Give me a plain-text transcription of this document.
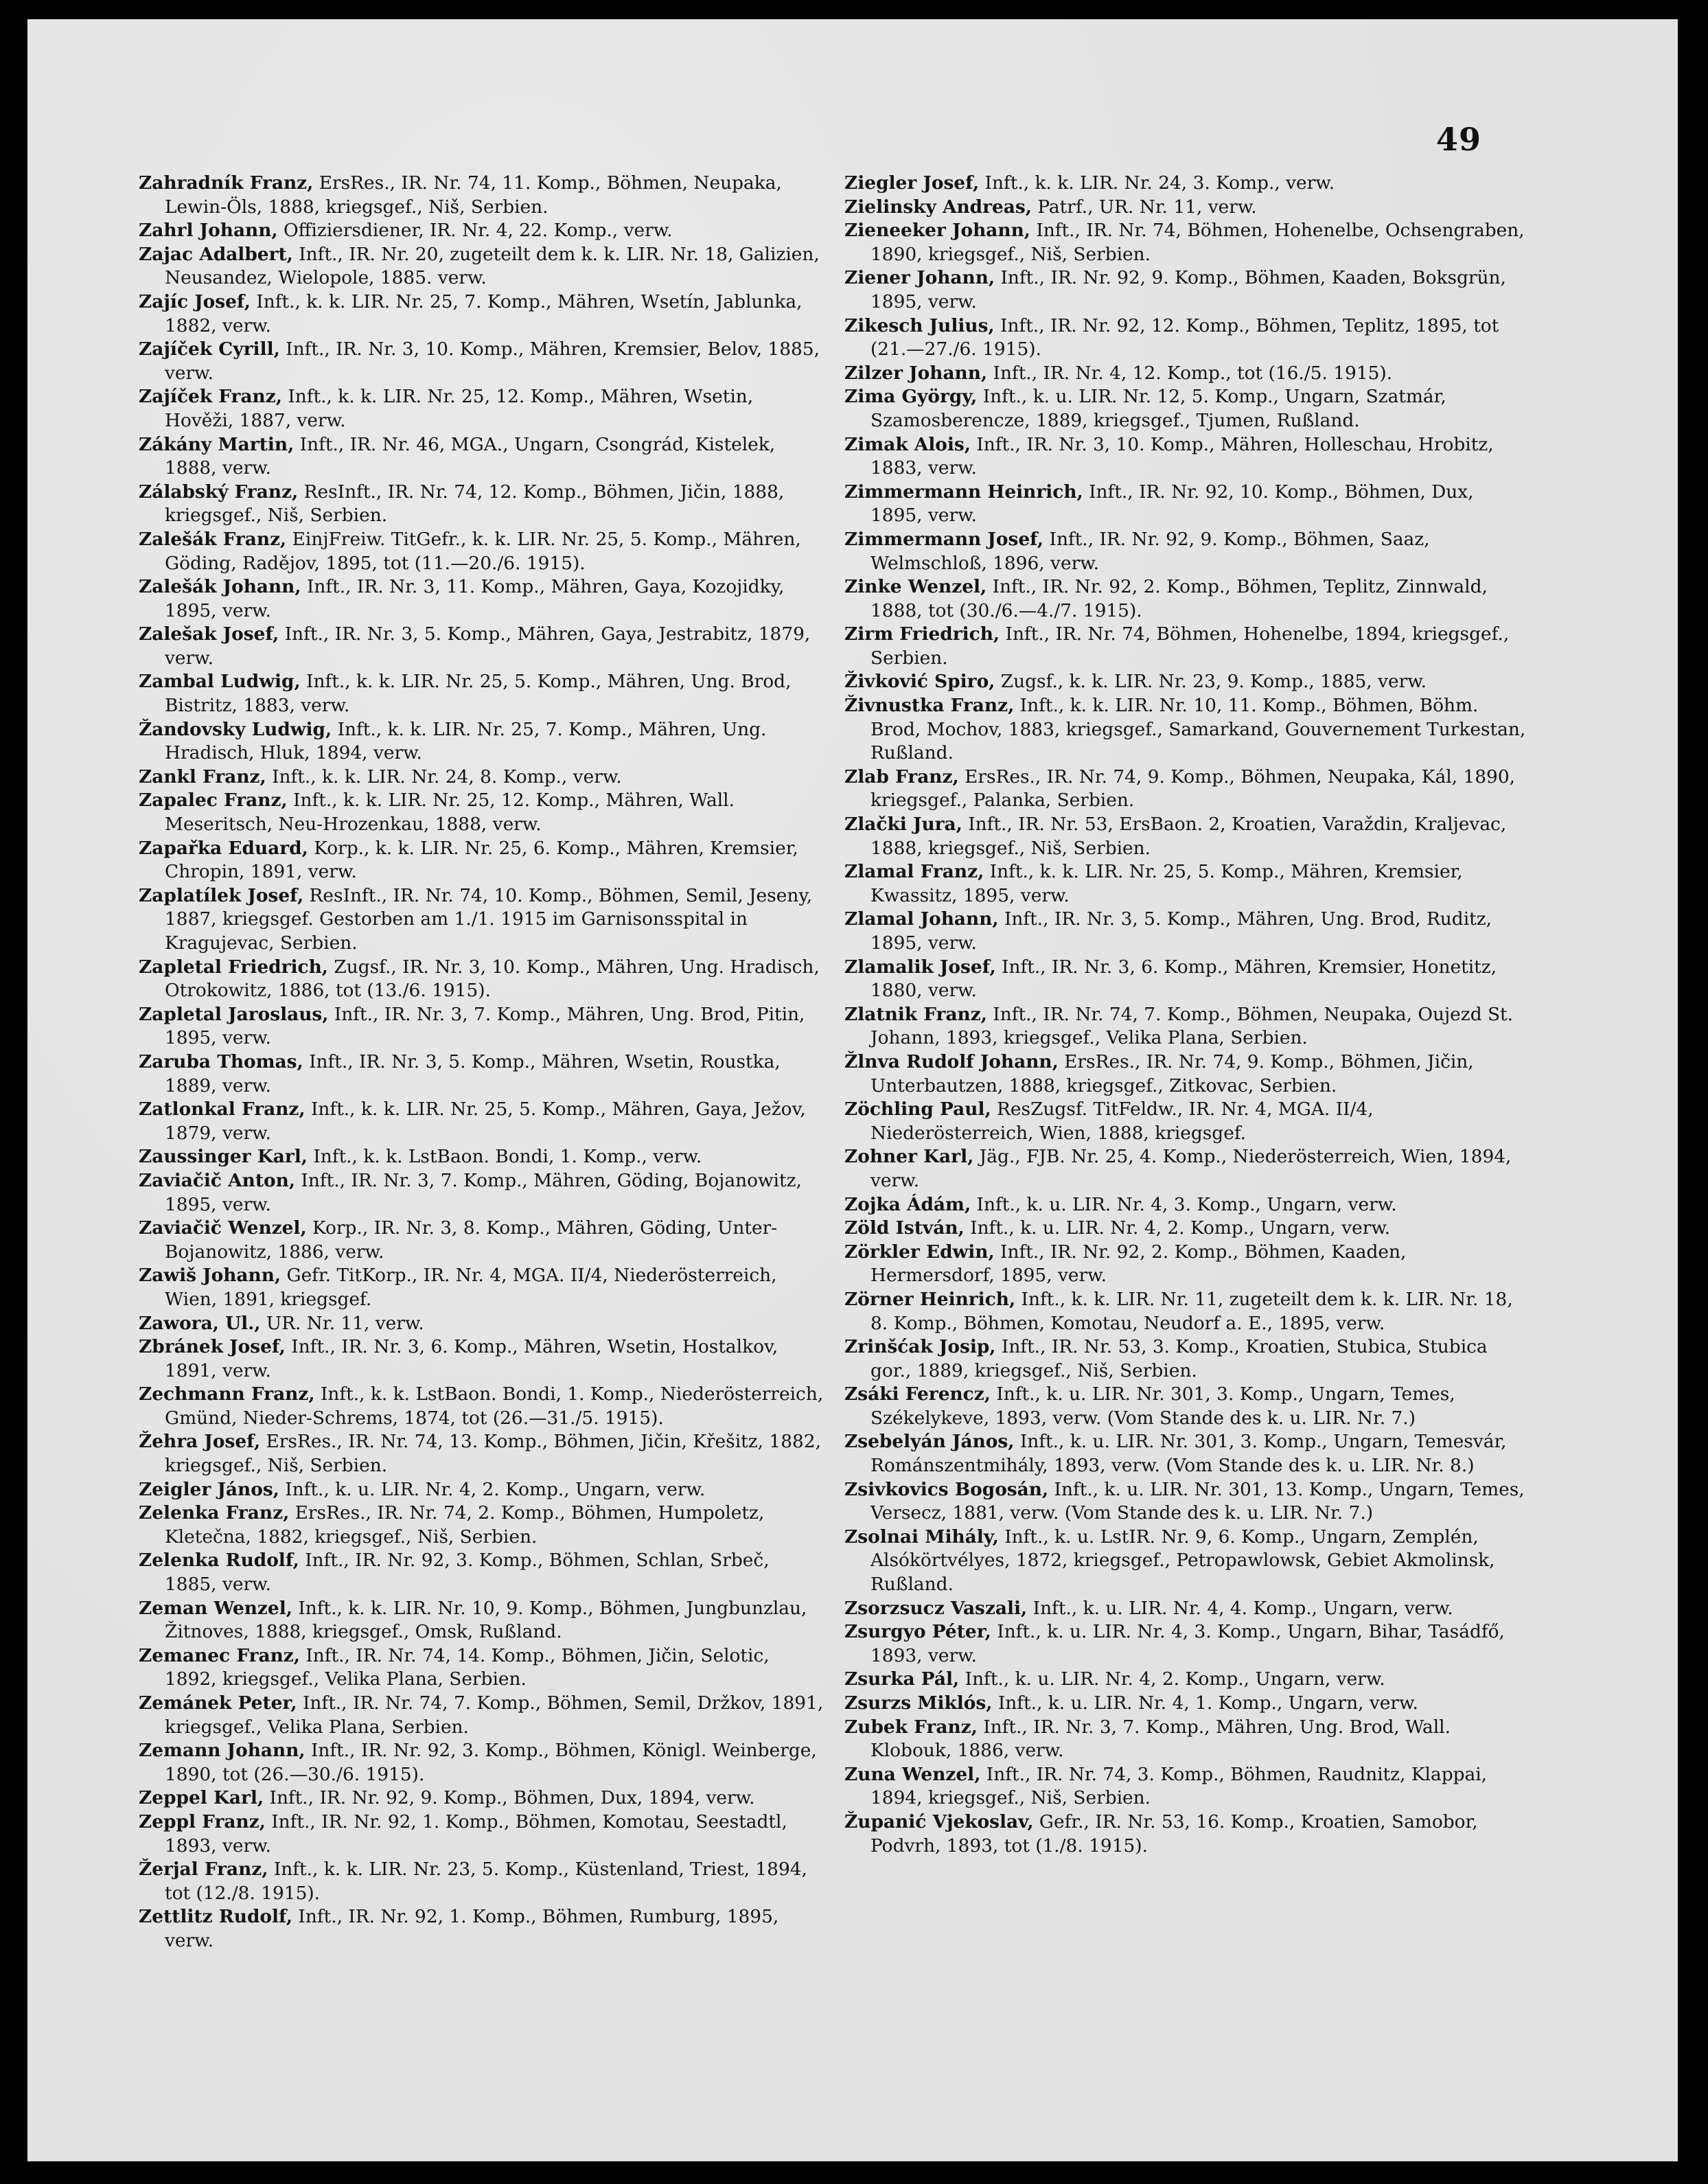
49
Zahradník Franz, ErsRes., IR. Nr. 74, 11. Komp., Böhmen, Neupaka, Lewin-Öls, 1888, kriegsgef., Niš, Serbien.
Zahrl Johann, Offiziersdiener, IR. Nr. 4, 22. Komp., verw.
Zajac Adalbert, Inft., IR. Nr. 20, zugeteilt dem k. k. LIR. Nr. 18, Galizien, Neusandez, Wielopole, 1885. verw.
Zajíc Josef, Inft., k. k. LIR. Nr. 25, 7. Komp., Mähren, Wsetín, Jablunka, 1882, verw.
Zajíček Cyrill, Inft., IR. Nr. 3, 10. Komp., Mähren, Kremsier, Belov, 1885, verw.
Zajíček Franz, Inft., k. k. LIR. Nr. 25, 12. Komp., Mähren, Wsetin, Hověži, 1887, verw.
Zákány Martin, Inft., IR. Nr. 46, MGA., Ungarn, Csongrád, Kistelek, 1888, verw.
Zálabský Franz, ResInft., IR. Nr. 74, 12. Komp., Böhmen, Jičin, 1888, kriegsgef., Niš, Serbien.
Zalešák Franz, EinjFreiw. TitGefr., k. k. LIR. Nr. 25, 5. Komp., Mähren, Göding, Radějov, 1895, tot (11.—20./6. 1915).
Zalešák Johann, Inft., IR. Nr. 3, 11. Komp., Mähren, Gaya, Kozojidky, 1895, verw.
Zalešak Josef, Inft., IR. Nr. 3, 5. Komp., Mähren, Gaya, Jestrabitz, 1879, verw.
Zambal Ludwig, Inft., k. k. LIR. Nr. 25, 5. Komp., Mähren, Ung. Brod, Bistritz, 1883, verw.
Žandovsky Ludwig, Inft., k. k. LIR. Nr. 25, 7. Komp., Mähren, Ung. Hradisch, Hluk, 1894, verw.
Zankl Franz, Inft., k. k. LIR. Nr. 24, 8. Komp., verw.
Zapalec Franz, Inft., k. k. LIR. Nr. 25, 12. Komp., Mähren, Wall. Meseritsch, Neu-Hrozenkau, 1888, verw.
Zapařka Eduard, Korp., k. k. LIR. Nr. 25, 6. Komp., Mähren, Kremsier, Chropin, 1891, verw.
Zaplatílek Josef, ResInft., IR. Nr. 74, 10. Komp., Böhmen, Semil, Jeseny, 1887, kriegsgef. Gestorben am 1./1. 1915 im Garnisonsspital in Kragujevac, Serbien.
Zapletal Friedrich, Zugsf., IR. Nr. 3, 10. Komp., Mähren, Ung. Hradisch, Otrokowitz, 1886, tot (13./6. 1915).
Zapletal Jaroslaus, Inft., IR. Nr. 3, 7. Komp., Mähren, Ung. Brod, Pitin, 1895, verw.
Zaruba Thomas, Inft., IR. Nr. 3, 5. Komp., Mähren, Wsetin, Roustka, 1889, verw.
Zatlonkal Franz, Inft., k. k. LIR. Nr. 25, 5. Komp., Mähren, Gaya, Ježov, 1879, verw.
Zaussinger Karl, Inft., k. k. LstBaon. Bondi, 1. Komp., verw.
Zaviačič Anton, Inft., IR. Nr. 3, 7. Komp., Mähren, Göding, Bojanowitz, 1895, verw.
Zaviačič Wenzel, Korp., IR. Nr. 3, 8. Komp., Mähren, Göding, Unter-Bojanowitz, 1886, verw.
Zawiš Johann, Gefr. TitKorp., IR. Nr. 4, MGA. II/4, Niederösterreich, Wien, 1891, kriegsgef.
Zawora, Ul., UR. Nr. 11, verw.
Zbránek Josef, Inft., IR. Nr. 3, 6. Komp., Mähren, Wsetin, Hostalkov, 1891, verw.
Zechmann Franz, Inft., k. k. LstBaon. Bondi, 1. Komp., Niederösterreich, Gmünd, Nieder-Schrems, 1874, tot (26.—31./5. 1915).
Žehra Josef, ErsRes., IR. Nr. 74, 13. Komp., Böhmen, Jičin, Křešitz, 1882, kriegsgef., Niš, Serbien.
Zeigler János, Inft., k. u. LIR. Nr. 4, 2. Komp., Ungarn, verw.
Zelenka Franz, ErsRes., IR. Nr. 74, 2. Komp., Böhmen, Humpoletz, Kletečna, 1882, kriegsgef., Niš, Serbien.
Zelenka Rudolf, Inft., IR. Nr. 92, 3. Komp., Böhmen, Schlan, Srbeč, 1885, verw.
Zeman Wenzel, Inft., k. k. LIR. Nr. 10, 9. Komp., Böhmen, Jungbunzlau, Žitnoves, 1888, kriegsgef., Omsk, Rußland.
Zemanec Franz, Inft., IR. Nr. 74, 14. Komp., Böhmen, Jičin, Selotic, 1892, kriegsgef., Velika Plana, Serbien.
Zemánek Peter, Inft., IR. Nr. 74, 7. Komp., Böhmen, Semil, Držkov, 1891, kriegsgef., Velika Plana, Serbien.
Zemann Johann, Inft., IR. Nr. 92, 3. Komp., Böhmen, Königl. Weinberge, 1890, tot (26.—30./6. 1915).
Zeppel Karl, Inft., IR. Nr. 92, 9. Komp., Böhmen, Dux, 1894, verw.
Zeppl Franz, Inft., IR. Nr. 92, 1. Komp., Böhmen, Komotau, Seestadtl, 1893, verw.
Žerjal Franz, Inft., k. k. LIR. Nr. 23, 5. Komp., Küstenland, Triest, 1894, tot (12./8. 1915).
Zettlitz Rudolf, Inft., IR. Nr. 92, 1. Komp., Böhmen, Rumburg, 1895, verw.
Ziegler Josef, Inft., k. k. LIR. Nr. 24, 3. Komp., verw.
Zielinsky Andreas, Patrf., UR. Nr. 11, verw.
Zieneeker Johann, Inft., IR. Nr. 74, Böhmen, Hohenelbe, Ochsengraben, 1890, kriegsgef., Niš, Serbien.
Ziener Johann, Inft., IR. Nr. 92, 9. Komp., Böhmen, Kaaden, Boksgrün, 1895, verw.
Zikesch Julius, Inft., IR. Nr. 92, 12. Komp., Böhmen, Teplitz, 1895, tot (21.—27./6. 1915).
Zilzer Johann, Inft., IR. Nr. 4, 12. Komp., tot (16./5. 1915).
Zima György, Inft., k. u. LIR. Nr. 12, 5. Komp., Ungarn, Szatmár, Szamosberencze, 1889, kriegsgef., Tjumen, Rußland.
Zimak Alois, Inft., IR. Nr. 3, 10. Komp., Mähren, Holleschau, Hrobitz, 1883, verw.
Zimmermann Heinrich, Inft., IR. Nr. 92, 10. Komp., Böhmen, Dux, 1895, verw.
Zimmermann Josef, Inft., IR. Nr. 92, 9. Komp., Böhmen, Saaz, Welmschloß, 1896, verw.
Zinke Wenzel, Inft., IR. Nr. 92, 2. Komp., Böhmen, Teplitz, Zinnwald, 1888, tot (30./6.—4./7. 1915).
Zirm Friedrich, Inft., IR. Nr. 74, Böhmen, Hohenelbe, 1894, kriegsgef., Serbien.
Živković Spiro, Zugsf., k. k. LIR. Nr. 23, 9. Komp., 1885, verw.
Živnustka Franz, Inft., k. k. LIR. Nr. 10, 11. Komp., Böhmen, Böhm. Brod, Mochov, 1883, kriegsgef., Samarkand, Gouvernement Turkestan, Rußland.
Zlab Franz, ErsRes., IR. Nr. 74, 9. Komp., Böhmen, Neupaka, Kál, 1890, kriegsgef., Palanka, Serbien.
Zlački Jura, Inft., IR. Nr. 53, ErsBaon. 2, Kroatien, Varaždin, Kraljevac, 1888, kriegsgef., Niš, Serbien.
Zlamal Franz, Inft., k. k. LIR. Nr. 25, 5. Komp., Mähren, Kremsier, Kwassitz, 1895, verw.
Zlamal Johann, Inft., IR. Nr. 3, 5. Komp., Mähren, Ung. Brod, Ruditz, 1895, verw.
Zlamalik Josef, Inft., IR. Nr. 3, 6. Komp., Mähren, Kremsier, Honetitz, 1880, verw.
Zlatnik Franz, Inft., IR. Nr. 74, 7. Komp., Böhmen, Neupaka, Oujezd St. Johann, 1893, kriegsgef., Velika Plana, Serbien.
Žlnva Rudolf Johann, ErsRes., IR. Nr. 74, 9. Komp., Böhmen, Jičin, Unterbautzen, 1888, kriegsgef., Zitkovac, Serbien.
Zöchling Paul, ResZugsf. TitFeldw., IR. Nr. 4, MGA. II/4, Niederösterreich, Wien, 1888, kriegsgef.
Zohner Karl, Jäg., FJB. Nr. 25, 4. Komp., Niederösterreich, Wien, 1894, verw.
Zojka Ádám, Inft., k. u. LIR. Nr. 4, 3. Komp., Ungarn, verw.
Zöld István, Inft., k. u. LIR. Nr. 4, 2. Komp., Ungarn, verw.
Zörkler Edwin, Inft., IR. Nr. 92, 2. Komp., Böhmen, Kaaden, Hermersdorf, 1895, verw.
Zörner Heinrich, Inft., k. k. LIR. Nr. 11, zugeteilt dem k. k. LIR. Nr. 18, 8. Komp., Böhmen, Komotau, Neudorf a. E., 1895, verw.
Zrinšćak Josip, Inft., IR. Nr. 53, 3. Komp., Kroatien, Stubica, Stubica gor., 1889, kriegsgef., Niš, Serbien.
Zsáki Ferencz, Inft., k. u. LIR. Nr. 301, 3. Komp., Ungarn, Temes, Székelykeve, 1893, verw. (Vom Stande des k. u. LIR. Nr. 7.)
Zsebelyán János, Inft., k. u. LIR. Nr. 301, 3. Komp., Ungarn, Temesvár, Románszentmihály, 1893, verw. (Vom Stande des k. u. LIR. Nr. 8.)
Zsivkovics Bogosán, Inft., k. u. LIR. Nr. 301, 13. Komp., Ungarn, Temes, Versecz, 1881, verw. (Vom Stande des k. u. LIR. Nr. 7.)
Zsolnai Mihály, Inft., k. u. LstIR. Nr. 9, 6. Komp., Ungarn, Zemplén, Alsókörtvélyes, 1872, kriegsgef., Petropawlowsk, Gebiet Akmolinsk, Rußland.
Zsorzsucz Vaszali, Inft., k. u. LIR. Nr. 4, 4. Komp., Ungarn, verw.
Zsurgyo Péter, Inft., k. u. LIR. Nr. 4, 3. Komp., Ungarn, Bihar, Tasádfő, 1893, verw.
Zsurka Pál, Inft., k. u. LIR. Nr. 4, 2. Komp., Ungarn, verw.
Zsurzs Miklós, Inft., k. u. LIR. Nr. 4, 1. Komp., Ungarn, verw.
Zubek Franz, Inft., IR. Nr. 3, 7. Komp., Mähren, Ung. Brod, Wall. Klobouk, 1886, verw.
Zuna Wenzel, Inft., IR. Nr. 74, 3. Komp., Böhmen, Raudnitz, Klappai, 1894, kriegsgef., Niš, Serbien.
Županić Vjekoslav, Gefr., IR. Nr. 53, 16. Komp., Kroatien, Samobor, Podvrh, 1893, tot (1./8. 1915).
